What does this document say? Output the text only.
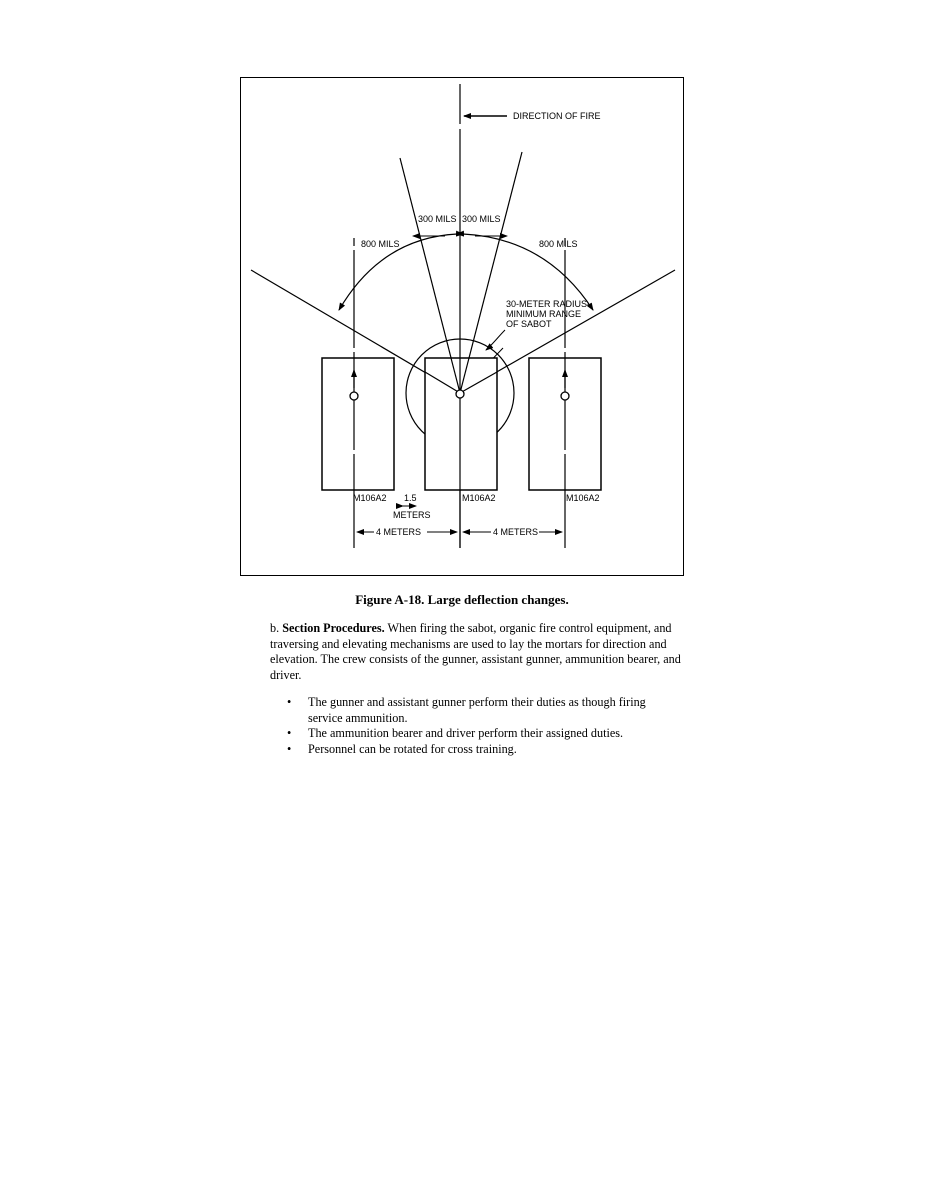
DIRECTION OF FIRE
300 MILS 300 MILS
800 MILS	800 MILS
30-METER RADIUS-
MINIMUM RANGE
OF SABOT
M106A2	M106A2	M106A2
1.5
METERS
4 METERS	4 METERS
Figure A-18. Large deflection changes.
b. Section Procedures. When firing the sabot, organic fire control equipment, and traversing and elevating mechanisms are used to lay the mortars for direction and elevation. The crew consists of the gunner, assistant gunner, ammunition bearer, and driver.
• The gunner and assistant gunner perform their duties as though firing service ammunition.
• The ammunition bearer and driver perform their assigned duties.
• Personnel can be rotated for cross training.
